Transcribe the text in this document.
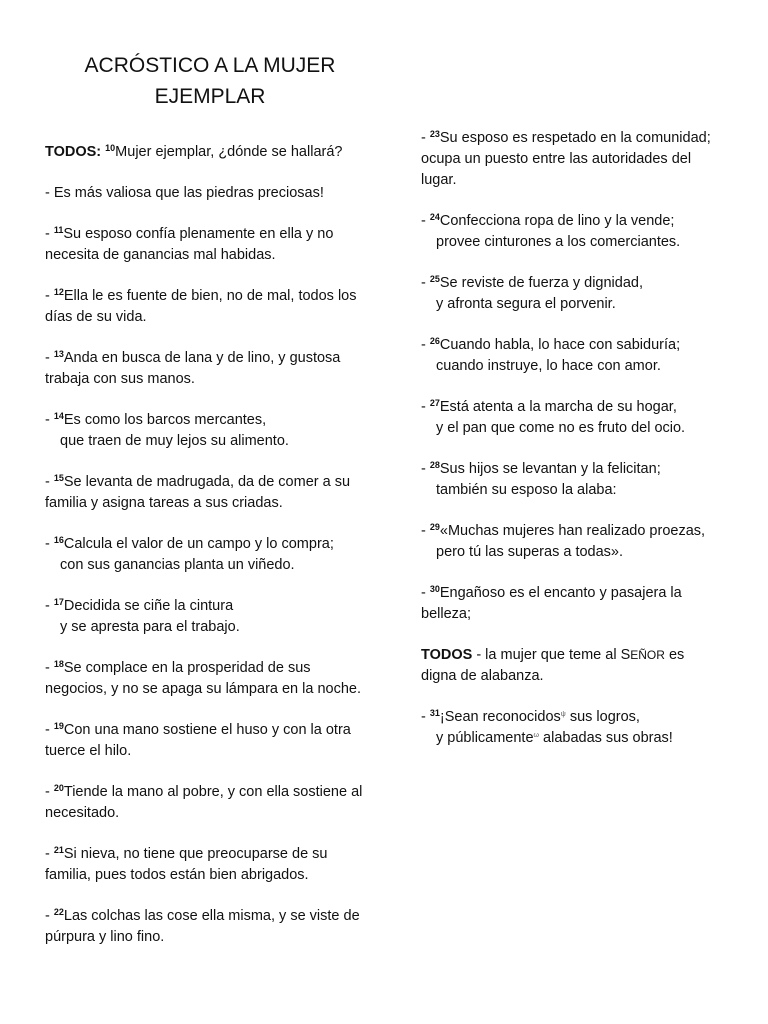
ACRÓSTICO A LA MUJER
EJEMPLAR

TODOS: $^{10}$Mujer ejemplar, ¿dónde se hallará?

- Es más valiosa que las piedras preciosas!

- $^{11}$Su esposo confía plenamente en ella y no
necesita de ganancias mal habidas.

- $^{12}$Ella le es fuente de bien, no de mal, todos los
días de su vida.

- $^{13}$Anda en busca de lana y de lino, y gustosa
trabaja con sus manos.

- $^{14}$Es como los barcos mercantes,
que traen de muy lejos su alimento.

- $^{15}$Se levanta de madrugada, da de comer a su
familia y asigna tareas a sus criadas.

- $^{16}$Calcula el valor de un campo y lo compra;
con sus ganancias planta un viñedo.

- $^{17}$Decidida se ciñe la cintura
y se apresta para el trabajo.

- $^{18}$Se complace en la prosperidad de sus
negocios, y no se apaga su lámpara en la noche.

- $^{19}$Con una mano sostiene el huso y con la otra
tuerce el hilo.

- $^{20}$Tiende la mano al pobre, y con ella sostiene al
necesitado.

- $^{21}$Si nieva, no tiene que preocuparse de su
familia, pues todos están bien abrigados.

- $^{22}$Las colchas las cose ella misma, y se viste de
púrpura y lino fino.

- $^{23}$Su esposo es respetado en la comunidad;
ocupa un puesto entre las autoridades del
lugar.

- $^{24}$Confecciona ropa de lino y la vende;
provee cinturones a los comerciantes.

- $^{25}$Se reviste de fuerza y dignidad,
y afronta segura el porvenir.

- $^{26}$Cuando habla, lo hace con sabiduría;
cuando instruye, lo hace con amor.

- $^{27}$Está atenta a la marcha de su hogar,
y el pan que come no es fruto del ocio.

- $^{28}$Sus hijos se levantan y la felicitan;
también su esposo la alaba:

- $^{29}$«Muchas mujeres han realizado proezas,
pero tú las superas a todas».

- $^{30}$Engañoso es el encanto y pasajera la
belleza;

TODOS - la mujer que teme al SEÑOR es
digna de alabanza.

- $^{31}$¡Sean reconocidos$^\psi$ sus logros,
y públicamente$^\omega$ alabadas sus obras!
